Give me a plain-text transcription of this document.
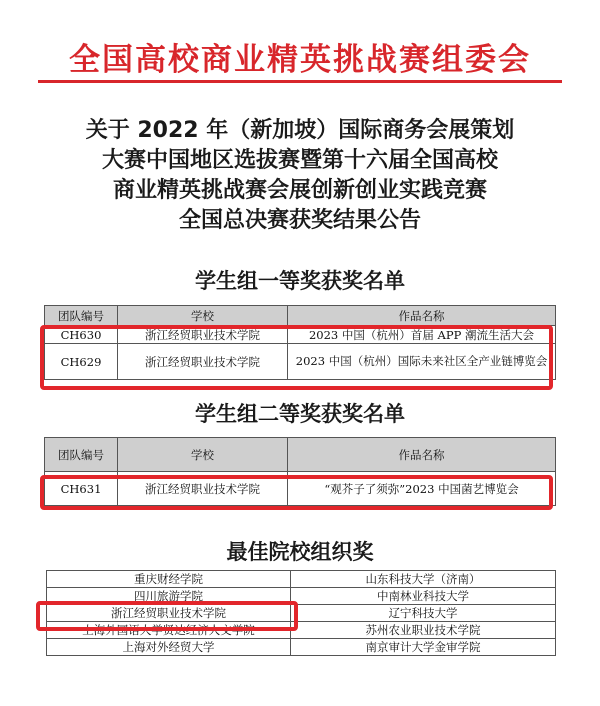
全国高校商业精英挑战赛组委会
关于 2022 年（新加坡）国际商务会展策划
大赛中国地区选拔赛暨第十六届全国高校
商业精英挑战赛会展创新创业实践竞赛
全国总决赛获奖结果公告
学生组一等奖获奖名单
团队编号	学校	作品名称
CH630	浙江经贸职业技术学院	2023 中国（杭州）首届 APP 潮流生活大会
CH629	浙江经贸职业技术学院	2023 中国（杭州）国际未来社区全产业链博览会
学生组二等奖获奖名单
团队编号	学校	作品名称
CH631	浙江经贸职业技术学院	“观芥子了须弥”2023 中国菌艺博览会
最佳院校组织奖
重庆财经学院	山东科技大学（济南）
四川旅游学院	中南林业科技大学
浙江经贸职业技术学院	辽宁科技大学
上海外国语大学贤达经济人文学院	苏州农业职业技术学院
上海对外经贸大学	南京审计大学金审学院
